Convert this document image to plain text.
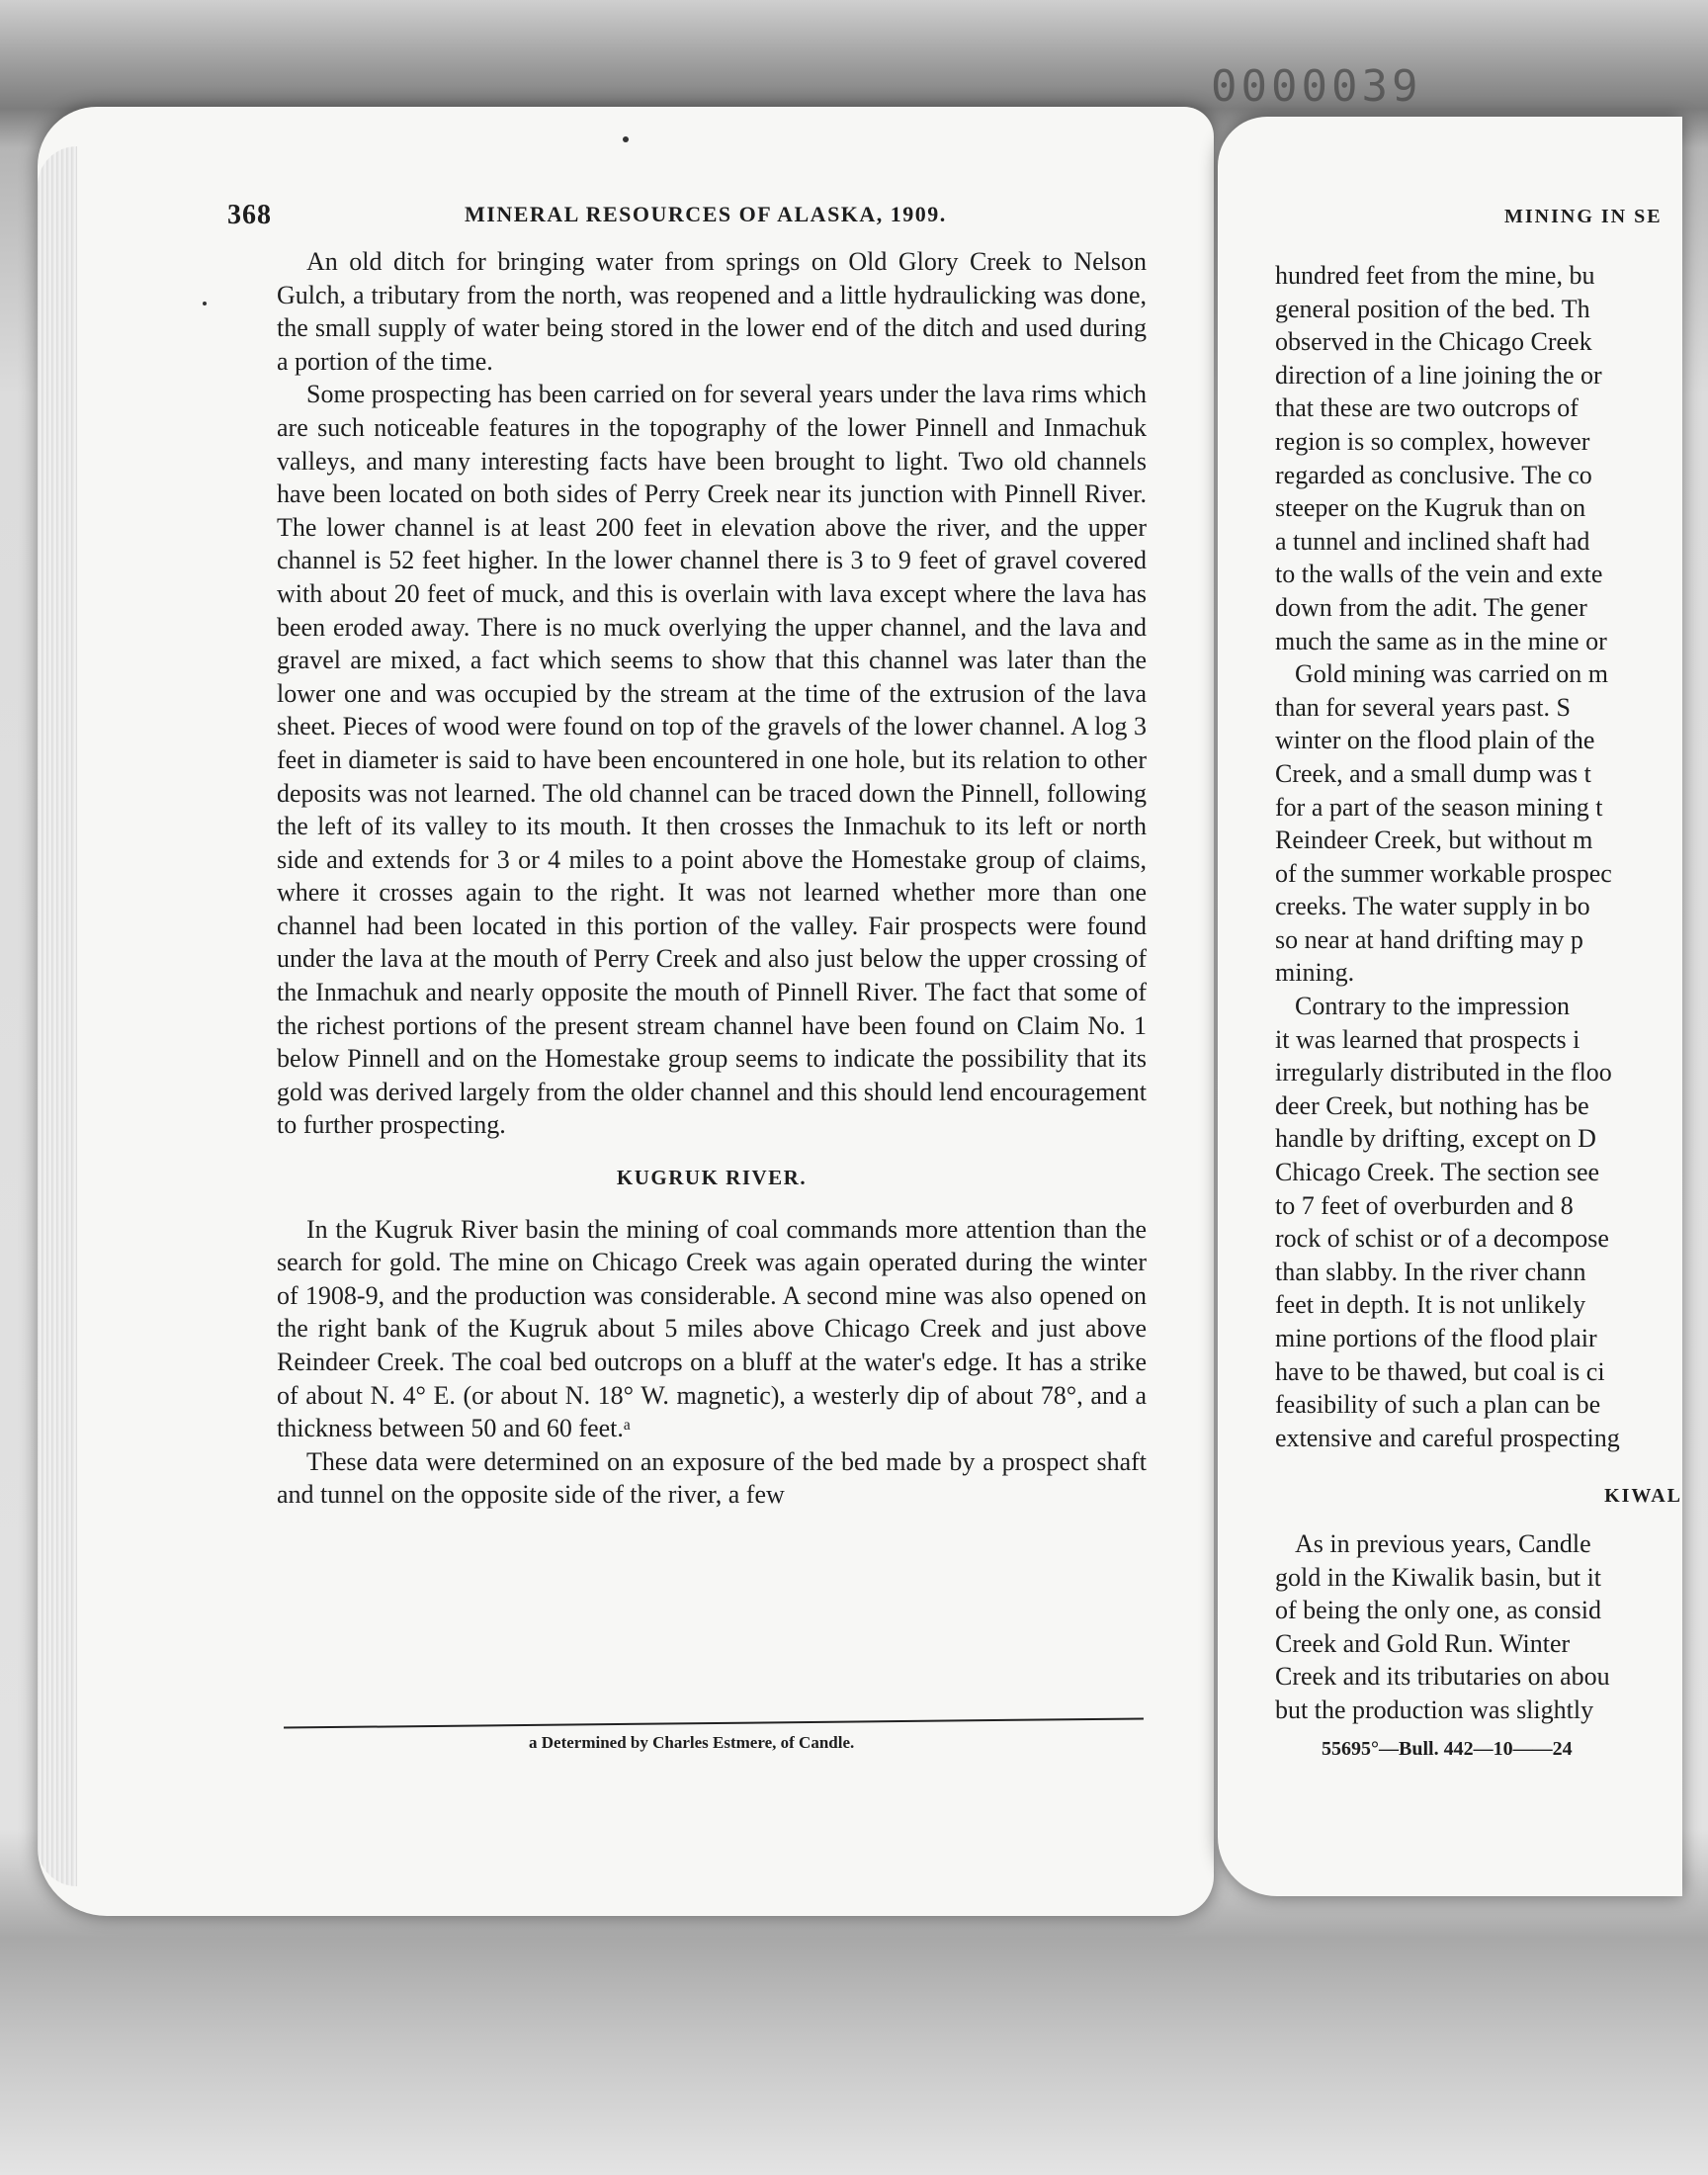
0000039
368	MINERAL RESOURCES OF ALASKA, 1909.

An old ditch for bringing water from springs on Old Glory Creek to Nelson Gulch, a tributary from the north, was reopened and a little hydraulicking was done, the small supply of water being stored in the lower end of the ditch and used during a portion of the time.

Some prospecting has been carried on for several years under the lava rims which are such noticeable features in the topography of the lower Pinnell and Inmachuk valleys, and many interesting facts have been brought to light. Two old channels have been located on both sides of Perry Creek near its junction with Pinnell River. The lower channel is at least 200 feet in elevation above the river, and the upper channel is 52 feet higher. In the lower channel there is 3 to 9 feet of gravel covered with about 20 feet of muck, and this is overlain with lava except where the lava has been eroded away. There is no muck overlying the upper channel, and the lava and gravel are mixed, a fact which seems to show that this channel was later than the lower one and was occupied by the stream at the time of the extrusion of the lava sheet. Pieces of wood were found on top of the gravels of the lower channel. A log 3 feet in diameter is said to have been encountered in one hole, but its relation to other deposits was not learned. The old channel can be traced down the Pinnell, following the left of its valley to its mouth. It then crosses the Inmachuk to its left or north side and extends for 3 or 4 miles to a point above the Homestake group of claims, where it crosses again to the right. It was not learned whether more than one channel had been located in this portion of the valley. Fair prospects were found under the lava at the mouth of Perry Creek and also just below the upper crossing of the Inmachuk and nearly opposite the mouth of Pinnell River. The fact that some of the richest portions of the present stream channel have been found on Claim No. 1 below Pinnell and on the Homestake group seems to indicate the possibility that its gold was derived largely from the older channel and this should lend encouragement to further prospecting.

KUGRUK RIVER.

In the Kugruk River basin the mining of coal commands more attention than the search for gold. The mine on Chicago Creek was again operated during the winter of 1908-9, and the production was considerable. A second mine was also opened on the right bank of the Kugruk about 5 miles above Chicago Creek and just above Reindeer Creek. The coal bed outcrops on a bluff at the water's edge. It has a strike of about N. 4° E. (or about N. 18° W. magnetic), a westerly dip of about 78°, and a thickness between 50 and 60 feet.ᵃ

These data were determined on an exposure of the bed made by a prospect shaft and tunnel on the opposite side of the river, a few

a Determined by Charles Estmere, of Candle.
MINING IN SE
hundred feet from the mine, bu
general position of the bed. Th
observed in the Chicago Creek
direction of a line joining the or
that these are two outcrops of
region is so complex, however
regarded as conclusive. The co
steeper on the Kugruk than on
a tunnel and inclined shaft had
to the walls of the vein and exte
down from the adit. The gener
much the same as in the mine or
Gold mining was carried on m
than for several years past. S
winter on the flood plain of the
Creek, and a small dump was t
for a part of the season mining t
Reindeer Creek, but without m
of the summer workable prospec
creeks. The water supply in bo
so near at hand drifting may p
mining.
Contrary to the impression
it was learned that prospects i
irregularly distributed in the floo
deer Creek, but nothing has be
handle by drifting, except on D
Chicago Creek. The section see
to 7 feet of overburden and 8
rock of schist or of a decompose
than slabby. In the river chann
feet in depth. It is not unlikely
mine portions of the flood plair
have to be thawed, but coal is ci
feasibility of such a plan can be
extensive and careful prospecting
KIWAL
As in previous years, Candle
gold in the Kiwalik basin, but it
of being the only one, as consid
Creek and Gold Run. Winter
Creek and its tributaries on abou
but the production was slightly
55695°—Bull. 442—10——24
